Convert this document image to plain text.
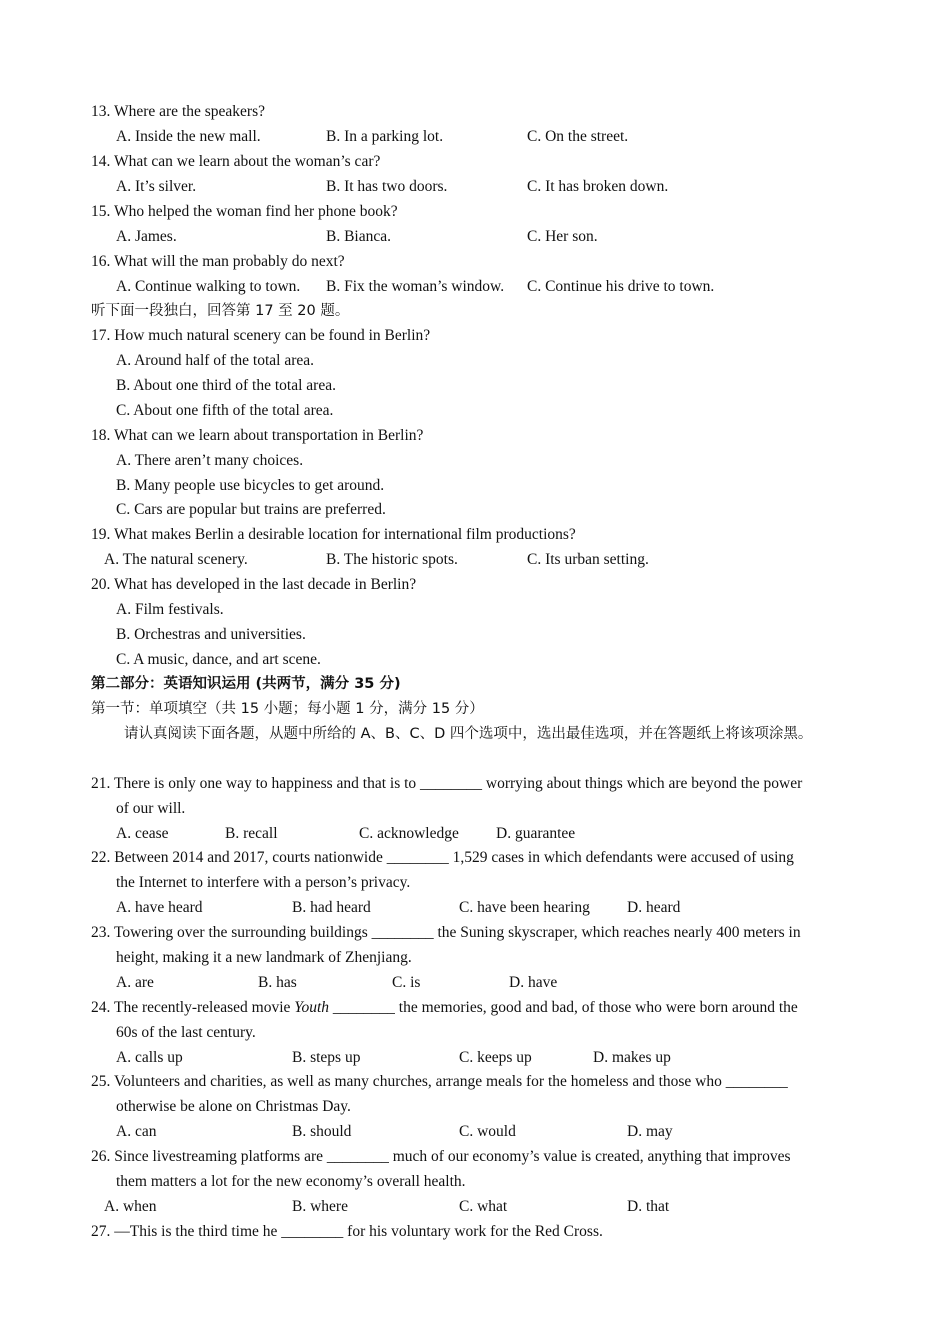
13. Where are the speakers?
A. Inside the new mall.	B. In a parking lot.	C. On the street.
14. What can we learn about the woman’s car?
A. It’s silver.	B. It has two doors.	C. It has broken down.
15. Who helped the woman find her phone book?
A. James.	B. Bianca.	C. Her son.
16. What will the man probably do next?
A. Continue walking to town. B. Fix the woman’s window. C. Continue his drive to town.
听下面一段独白，回答第 17 至 20 题。
17. How much natural scenery can be found in Berlin?
A. Around half of the total area.
B. About one third of the total area.
C. About one fifth of the total area.
18. What can we learn about transportation in Berlin?
A. There aren’t many choices.
B. Many people use bicycles to get around.
C. Cars are popular but trains are preferred.
19. What makes Berlin a desirable location for international film productions?
A. The natural scenery.	B. The historic spots.	C. Its urban setting.
20. What has developed in the last decade in Berlin?
A. Film festivals.
B. Orchestras and universities.
C. A music, dance, and art scene.
第二部分：英语知识运用 (共两节，满分 35 分)
第一节：单项填空（共 15 小题；每小题 1 分，满分 15 分）
请认真阅读下面各题，从题中所给的 A、B、C、D 四个选项中，选出最佳选项，并在答题纸上将该项涂黑。
21. There is only one way to happiness and that is to ________ worrying about things which are beyond the power
of our will.
A. cease	B. recall	C. acknowledge D. guarantee
22. Between 2014 and 2017, courts nationwide ________ 1,529 cases in which defendants were accused of using
the Internet to interfere with a person’s privacy.
A. have heard	B. had heard	C. have been hearing D. heard
23. Towering over the surrounding buildings ________ the Suning skyscraper, which reaches nearly 400 meters in
height, making it a new landmark of Zhenjiang.
A. are	B. has	C. is	D. have
24. The recently-released movie Youth ________ the memories, good and bad, of those who were born around the
60s of the last century.
A. calls up	B. steps up	C. keeps up	D. makes up
25. Volunteers and charities, as well as many churches, arrange meals for the homeless and those who ________
otherwise be alone on Christmas Day.
A. can	B. should	C. would	D. may
26. Since livestreaming platforms are ________ much of our economy’s value is created, anything that improves
them matters a lot for the new economy’s overall health.
A. when	B. where	C. what	D. that
27. —This is the third time he ________ for his voluntary work for the Red Cross.
